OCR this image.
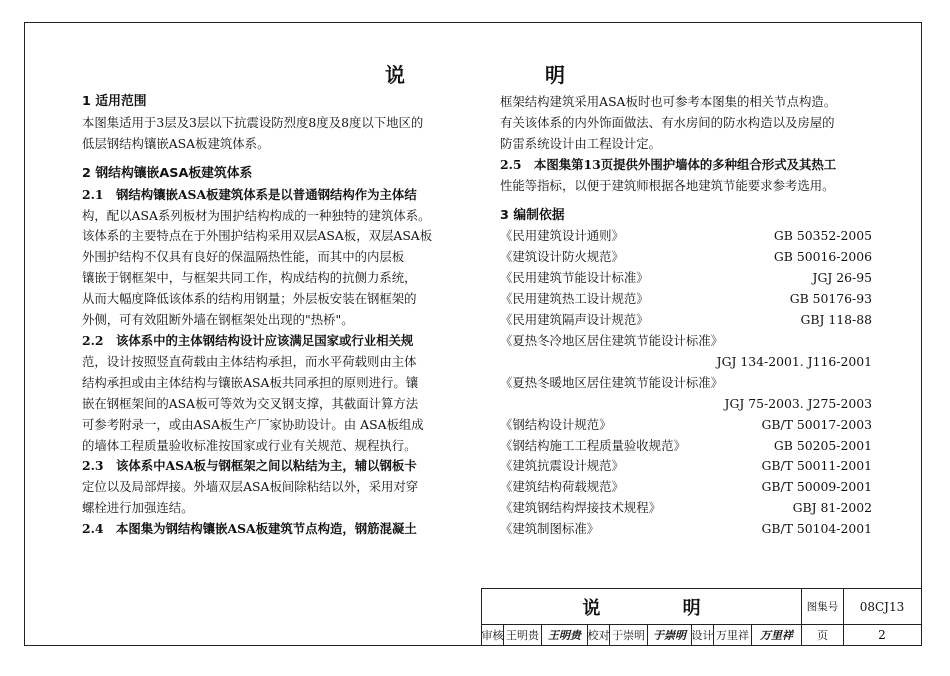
说　明
1 适用范围

本图集适用于3层及3层以下抗震设防烈度8度及8度以下地区的

低层钢结构镶嵌ASA板建筑体系。

2 钢结构镶嵌ASA板建筑体系

2.1　钢结构镶嵌ASA板建筑体系是以普通钢结构作为主体结

构，配以ASA系列板材为围护结构构成的一种独特的建筑体系。

该体系的主要特点在于外围护结构采用双层ASA板，双层ASA板

外围护结构不仅具有良好的保温隔热性能，而其中的内层板

镶嵌于钢框架中，与框架共同工作，构成结构的抗侧力系统，

从而大幅度降低该体系的结构用钢量；外层板安装在钢框架的

外侧，可有效阻断外墙在钢框架处出现的"热桥"。

2.2　该体系中的主体钢结构设计应该满足国家或行业相关规

范，设计按照竖直荷载由主体结构承担，而水平荷载则由主体

结构承担或由主体结构与镶嵌ASA板共同承担的原则进行。镶

嵌在钢框架间的ASA板可等效为交叉钢支撑，其截面计算方法

可参考附录一，或由ASA板生产厂家协助设计。由 ASA板组成

的墙体工程质量验收标准按国家或行业有关规范、规程执行。

2.3　该体系中ASA板与钢框架之间以粘结为主，辅以钢板卡

定位以及局部焊接。外墙双层ASA板间除粘结以外，采用对穿

螺栓进行加强连结。

2.4　本图集为钢结构镶嵌ASA板建筑节点构造，钢筋混凝土

框架结构建筑采用ASA板时也可参考本图集的相关节点构造。

有关该体系的内外饰面做法、有水房间的防水构造以及房屋的

防雷系统设计由工程设计定。

2.5　本图集第13页提供外围护墙体的多种组合形式及其热工

性能等指标，以便于建筑师根据各地建筑节能要求参考选用。

3 编制依据
《民用建筑设计通则》	GB 50352-2005
《建筑设计防火规范》	GB 50016-2006
《民用建筑节能设计标准》	JGJ 26-95
《民用建筑热工设计规范》	GB 50176-93
《民用建筑隔声设计规范》	GBJ 118-88

《夏热冬冷地区居住建筑节能设计标准》

JGJ 134-2001. J116-2001

《夏热冬暖地区居住建筑节能设计标准》

JGJ 75-2003. J275-2003
《钢结构设计规范》	GB/T 50017-2003
《钢结构施工工程质量验收规范》	GB 50205-2001
《建筑抗震设计规范》	GB/T 50011-2001
《建筑结构荷载规范》	GB/T 50009-2001
《建筑钢结构焊接技术规程》	GBJ 81-2002
《建筑制图标准》	GB/T 50104-2001
说 明	图集号	08CJ13
审核 王明贵 王明贵 校对 于崇明 于崇明 设计 万里祥 万里祥	页	2
